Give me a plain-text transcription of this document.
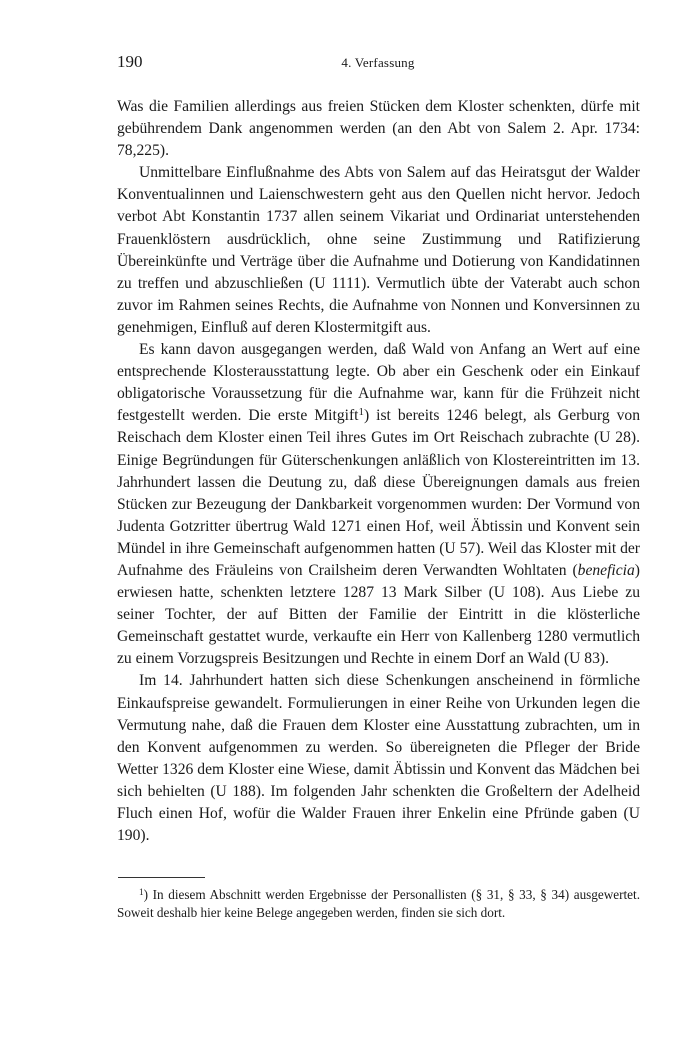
190	4. Verfassung

Was die Familien allerdings aus freien Stücken dem Kloster schenkten, dürfe mit gebührendem Dank angenommen werden (an den Abt von Salem 2. Apr. 1734: 78,225).

Unmittelbare Einflußnahme des Abts von Salem auf das Heiratsgut der Walder Konventualinnen und Laienschwestern geht aus den Quellen nicht hervor. Jedoch verbot Abt Konstantin 1737 allen seinem Vikariat und Ordinariat unterstehenden Frauenklöstern ausdrücklich, ohne seine Zustimmung und Ratifizierung Übereinkünfte und Verträge über die Aufnahme und Dotierung von Kandidatinnen zu treffen und abzuschließen (U 1111). Vermutlich übte der Vaterabt auch schon zuvor im Rahmen seines Rechts, die Aufnahme von Nonnen und Konversinnen zu genehmigen, Einfluß auf deren Klostermitgift aus.

Es kann davon ausgegangen werden, daß Wald von Anfang an Wert auf eine entsprechende Klosterausstattung legte. Ob aber ein Geschenk oder ein Einkauf obligatorische Voraussetzung für die Aufnahme war, kann für die Frühzeit nicht festgestellt werden. Die erste Mitgift$^1$) ist bereits 1246 belegt, als Gerburg von Reischach dem Kloster einen Teil ihres Gutes im Ort Reischach zubrachte (U 28). Einige Begründungen für Güterschenkungen anläßlich von Klostereintritten im 13. Jahrhundert lassen die Deutung zu, daß diese Übereignungen damals aus freien Stücken zur Bezeugung der Dankbarkeit vorgenommen wurden: Der Vormund von Judenta Gotzritter übertrug Wald 1271 einen Hof, weil Äbtissin und Konvent sein Mündel in ihre Gemeinschaft aufgenommen hatten (U 57). Weil das Kloster mit der Aufnahme des Fräuleins von Crailsheim deren Verwandten Wohltaten (beneficia) erwiesen hatte, schenkten letztere 1287 13 Mark Silber (U 108). Aus Liebe zu seiner Tochter, der auf Bitten der Familie der Eintritt in die klösterliche Gemeinschaft gestattet wurde, verkaufte ein Herr von Kallenberg 1280 vermutlich zu einem Vorzugspreis Besitzungen und Rechte in einem Dorf an Wald (U 83).

Im 14. Jahrhundert hatten sich diese Schenkungen anscheinend in förmliche Einkaufspreise gewandelt. Formulierungen in einer Reihe von Urkunden legen die Vermutung nahe, daß die Frauen dem Kloster eine Ausstattung zubrachten, um in den Konvent aufgenommen zu werden. So übereigneten die Pfleger der Bride Wetter 1326 dem Kloster eine Wiese, damit Äbtissin und Konvent das Mädchen bei sich behielten (U 188). Im folgenden Jahr schenkten die Großeltern der Adelheid Fluch einen Hof, wofür die Walder Frauen ihrer Enkelin eine Pfründe gaben (U 190).

$^1$) In diesem Abschnitt werden Ergebnisse der Personallisten (§ 31, § 33, § 34) ausgewertet. Soweit deshalb hier keine Belege angegeben werden, finden sie sich dort.
